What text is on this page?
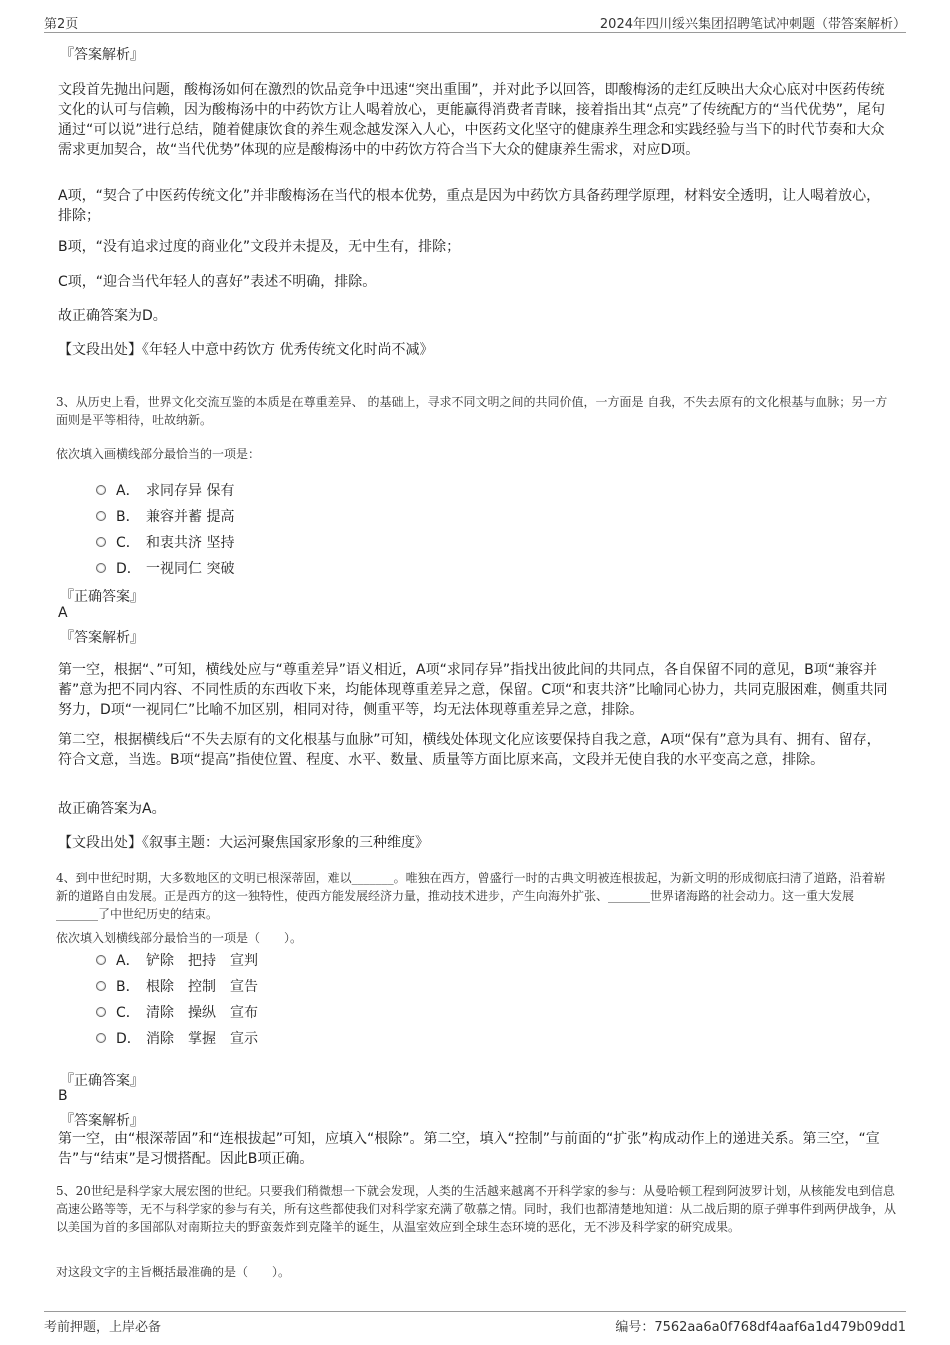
第2页	2024年四川绥兴集团招聘笔试冲刺题（带答案解析）
『答案解析』
文段首先抛出问题，酸梅汤如何在激烈的饮品竞争中迅速“突出重围”，并对此予以回答，即酸梅汤的走红反映出大众心底对中医药传统文化的认可与信赖，因为酸梅汤中的中药饮方让人喝着放心，更能赢得消费者青睐，接着指出其“点亮”了传统配方的“当代优势”，尾句通过“可以说”进行总结，随着健康饮食的养生观念越发深入人心，中医药文化坚守的健康养生理念和实践经验与当下的时代节奏和大众需求更加契合，故“当代优势”体现的应是酸梅汤中的中药饮方符合当下大众的健康养生需求，对应D项。
A项，“契合了中医药传统文化”并非酸梅汤在当代的根本优势，重点是因为中药饮方具备药理学原理，材料安全透明，让人喝着放心，排除；
B项，“没有追求过度的商业化”文段并未提及，无中生有，排除；
C项，“迎合当代年轻人的喜好”表述不明确，排除。
故正确答案为D。
【文段出处】《年轻人中意中药饮方 优秀传统文化时尚不减》
3、从历史上看，世界文化交流互鉴的本质是在尊重差异、 的基础上，寻求不同文明之间的共同价值，一方面是 自我，不失去原有的文化根基与血脉；另一方面则是平等相待，吐故纳新。
依次填入画横线部分最恰当的一项是：
A． 求同存异 保有
B． 兼容并蓄 提高
C． 和衷共济 坚持
D． 一视同仁 突破
『正确答案』
A
『答案解析』
第一空，根据“、”可知，横线处应与“尊重差异”语义相近，A项“求同存异”指找出彼此间的共同点，各自保留不同的意见，B项“兼容并蓄”意为把不同内容、不同性质的东西收下来，均能体现尊重差异之意，保留。C项“和衷共济”比喻同心协力，共同克服困难，侧重共同努力，D项“一视同仁”比喻不加区别，相同对待，侧重平等，均无法体现尊重差异之意，排除。
第二空，根据横线后“不失去原有的文化根基与血脉”可知，横线处体现文化应该要保持自我之意，A项“保有”意为具有、拥有、留存，符合文意，当选。B项“提高”指使位置、程度、水平、数量、质量等方面比原来高，文段并无使自我的水平变高之意，排除。
故正确答案为A。
【文段出处】《叙事主题：大运河聚焦国家形象的三种维度》
4、到中世纪时期，大多数地区的文明已根深蒂固，难以_______。唯独在西方，曾盛行一时的古典文明被连根拔起，为新文明的形成彻底扫清了道路，沿着崭新的道路自由发展。正是西方的这一独特性，使西方能发展经济力量，推动技术进步，产生向海外扩张、_______世界诸海路的社会动力。这一重大发展_______了中世纪历史的结束。
依次填入划横线部分最恰当的一项是（　　）。
A． 铲除 把持 宣判
B． 根除 控制 宣告
C． 清除 操纵 宣布
D． 消除 掌握 宣示
『正确答案』
B
『答案解析』
第一空，由“根深蒂固”和“连根拔起”可知，应填入“根除”。第二空，填入“控制”与前面的“扩张”构成动作上的递进关系。第三空，“宣告”与“结束”是习惯搭配。因此B项正确。
5、20世纪是科学家大展宏图的世纪。只要我们稍微想一下就会发现，人类的生活越来越离不开科学家的参与：从曼哈顿工程到阿波罗计划，从核能发电到信息高速公路等等，无不与科学家的参与有关，所有这些都使我们对科学家充满了敬慕之情。同时，我们也都清楚地知道：从二战后期的原子弹事件到两伊战争，从以美国为首的多国部队对南斯拉夫的野蛮轰炸到克隆羊的诞生，从温室效应到全球生态环境的恶化，无不涉及科学家的研究成果。
对这段文字的主旨概括最准确的是（　　）。
考前押题，上岸必备	编号：7562aa6a0f768df4aaf6a1d479b09dd1
